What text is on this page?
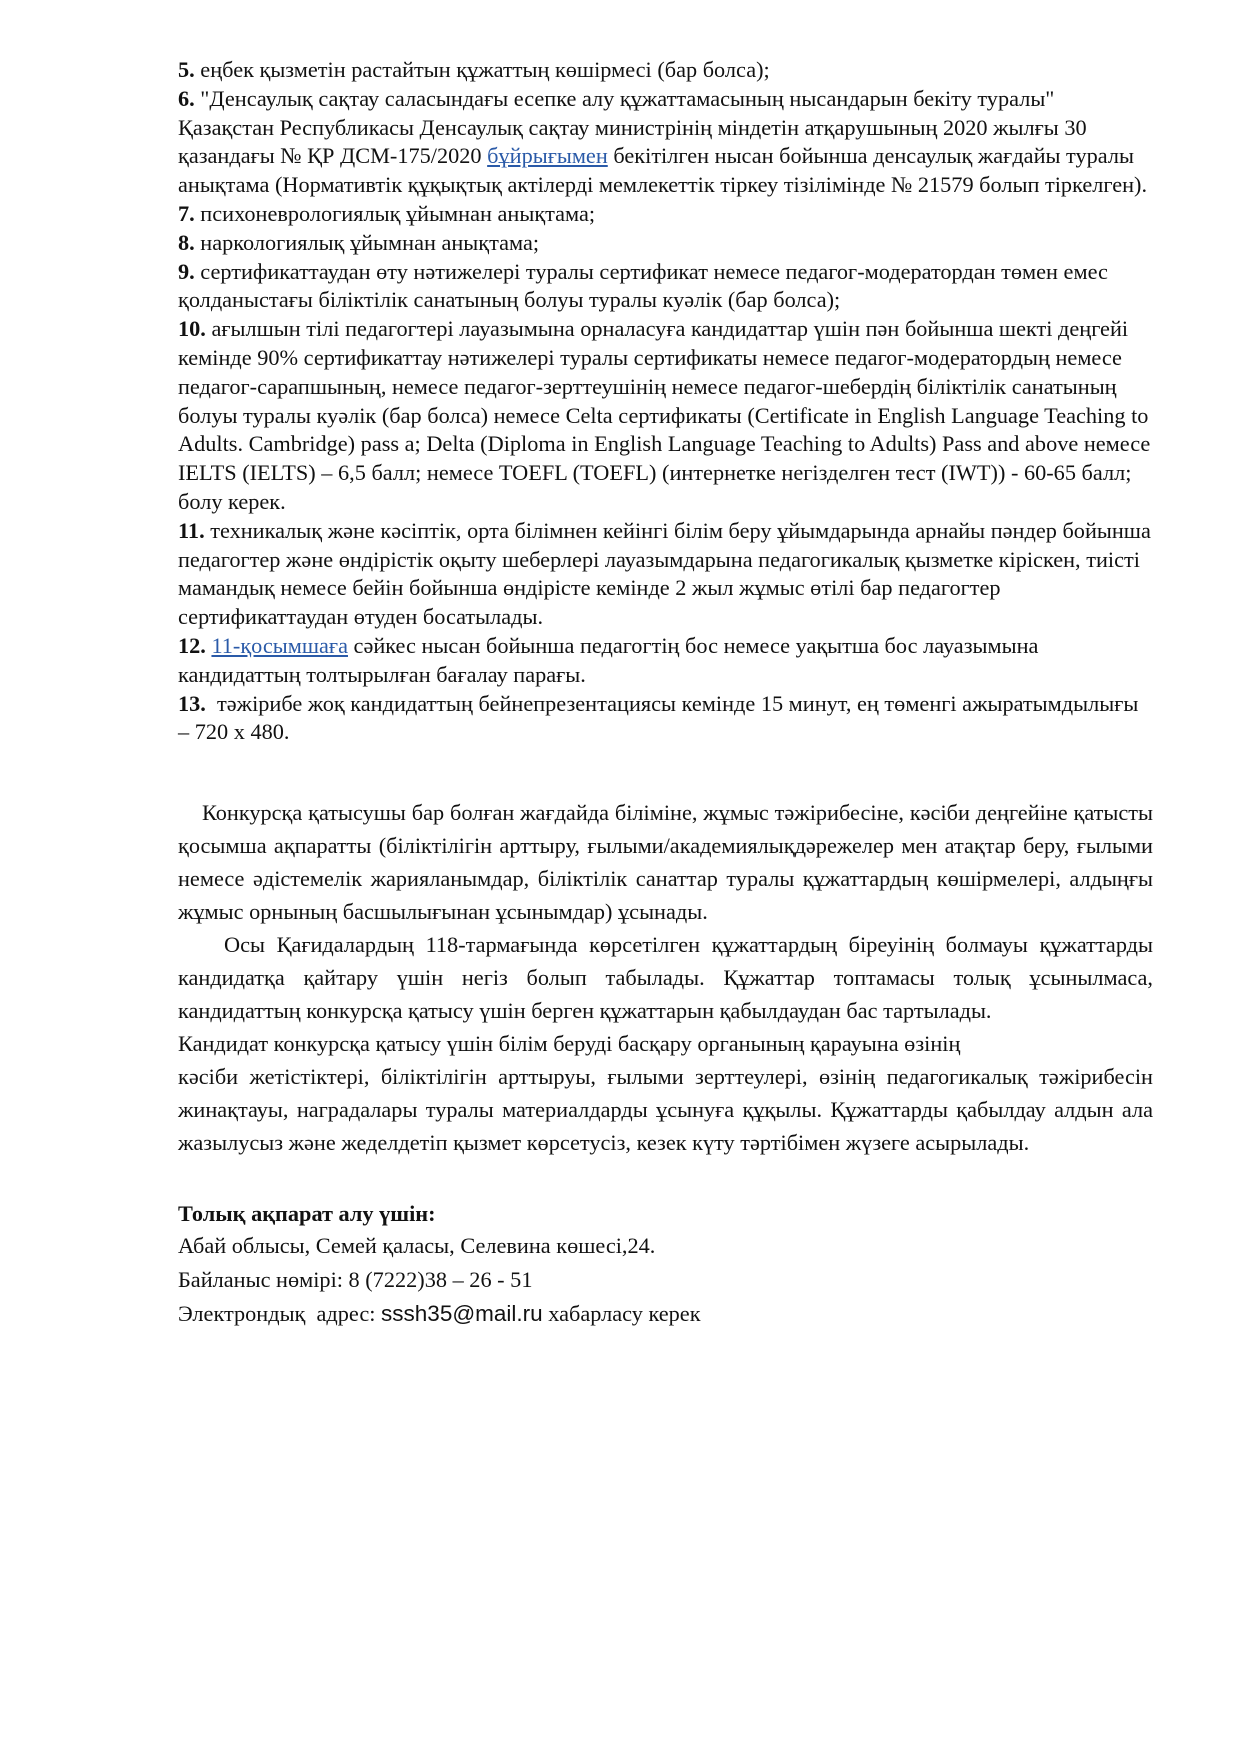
5. еңбек қызметін растайтын құжаттың көшірмесі (бар болса);

6. "Денсаулық сақтау саласындағы есепке алу құжаттамасының нысандарын бекіту туралы" Қазақстан Республикасы Денсаулық сақтау министрінің міндетін атқарушының 2020 жылғы 30 қазандағы № ҚР ДСМ-175/2020 бұйрығымен бекітілген нысан бойынша денсаулық жағдайы туралы анықтама (Нормативтік құқықтық актілерді мемлекеттік тіркеу тізілімінде № 21579 болып тіркелген).

7. психоневрологиялық ұйымнан анықтама;

8. наркологиялық ұйымнан анықтама;

9. сертификаттаудан өту нәтижелері туралы сертификат немесе педагог-модератордан төмен емес қолданыстағы біліктілік санатының болуы туралы куәлік (бар болса);

10. ағылшын тілі педагогтері лауазымына орналасуға кандидаттар үшін пән бойынша шекті деңгейі кемінде 90% сертификаттау нәтижелері туралы сертификаты немесе педагог-модератордың немесе педагог-сарапшының, немесе педагог-зерттеушінің немесе педагог-шебердің біліктілік санатының болуы туралы куәлік (бар болса) немесе Celta сертификаты (Certificate in English Language Teaching to Adults. Cambridge) pass a; Delta (Diploma in English Language Teaching to Adults) Pass and above немесе IELTS (IELTS) – 6,5 балл; немесе TOEFL (TOEFL) (интернетке негізделген тест (IWT)) - 60-65 балл; болу керек.

11. техникалық және кәсіптік, орта білімнен кейінгі білім беру ұйымдарында арнайы пәндер бойынша педагогтер және өндірістік оқыту шеберлері лауазымдарына педагогикалық қызметке кіріскен, тиісті мамандық немесе бейін бойынша өндірісте кемінде 2 жыл жұмыс өтілі бар педагогтер сертификаттаудан өтуден босатылады.

12. 11-қосымшаға сәйкес нысан бойынша педагогтің бос немесе уақытша бос лауазымына кандидаттың толтырылған бағалау парағы.

13.  тәжірибе жоқ кандидаттың бейнепрезентациясы кемінде 15 минут, ең төменгі ажыратымдылығы – 720 х 480.

Конкурсқа қатысушы бар болған жағдайда біліміне, жұмыс тәжірибесіне, кәсіби деңгейіне қатысты қосымша ақпаратты (біліктілігін арттыру, ғылыми/академиялықдәрежелер мен атақтар беру, ғылыми немесе әдістемелік жарияланымдар, біліктілік санаттар туралы құжаттардың көшірмелері, алдыңғы жұмыс орнының басшылығынан ұсынымдар) ұсынады.

Осы Қағидалардың 118-тармағында көрсетілген құжаттардың біреуінің болмауы құжаттарды кандидатқа қайтару үшін негіз болып табылады. Құжаттар топтамасы толық ұсынылмаса, кандидаттың конкурсқа қатысу үшін берген құжаттарын қабылдаудан бас тартылады.

Кандидат конкурсқа қатысу үшін білім беруді басқару органының қарауына өзінің

кәсіби жетістіктері, біліктілігін арттыруы, ғылыми зерттеулері, өзінің педагогикалық тәжірибесін жинақтауы, наградалары туралы материалдарды ұсынуға құқылы. Құжаттарды қабылдау алдын ала жазылусыз және жеделдетіп қызмет көрсетусіз, кезек күту тәртібімен жүзеге асырылады.

Толық ақпарат алу үшін:

Абай облысы, Семей қаласы, Селевина көшесі,24.

Байланыс нөмірі: 8 (7222)38 – 26 - 51

Электрондық  адрес: sssh35@mail.ru хабарласу керек
